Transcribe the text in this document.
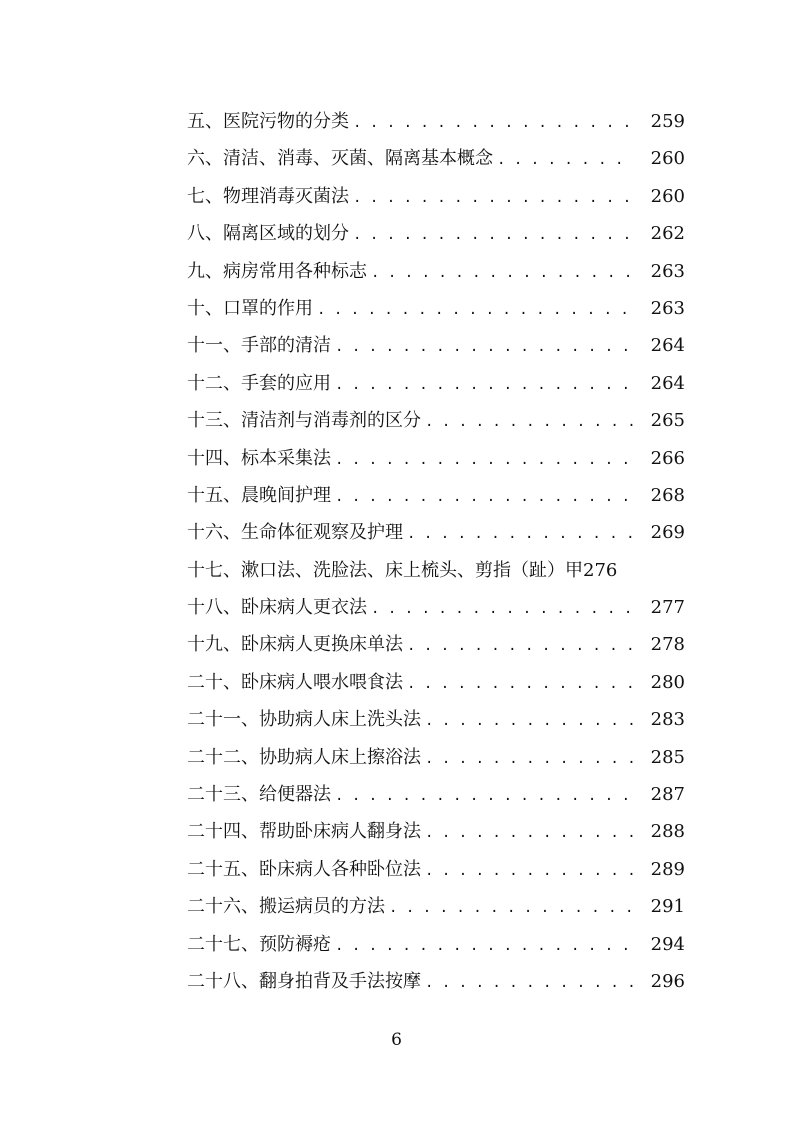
五、医院污物的分类 . . .	259
六、清洁、消毒、灭菌、隔离基本概念 . . .	260
七、物理消毒灭菌法 . . .	260
八、隔离区域的划分 . . .	262
九、病房常用各种标志 . . .	263
十、口罩的作用 . . .	263
十一、手部的清洁 . . .	264
十二、手套的应用 . . .	264
十三、清洁剂与消毒剂的区分 . . .	265
十四、标本采集法 . . .	266
十五、晨晚间护理 . . .	268
十六、生命体征观察及护理 . . .	269
十七、漱口法、洗脸法、床上梳头、剪指（趾）甲 276
十八、卧床病人更衣法 . . .	277
十九、卧床病人更换床单法 . . .	278
二十、卧床病人喂水喂食法 . . .	280
二十一、协助病人床上洗头法 . . .	283
二十二、协助病人床上擦浴法 . . .	285
二十三、给便器法 . . .	287
二十四、帮助卧床病人翻身法 . . .	288
二十五、卧床病人各种卧位法 . . .	289
二十六、搬运病员的方法 . . .	291
二十七、预防褥疮 . . .	294
二十八、翻身拍背及手法按摩 . . .	296
6
